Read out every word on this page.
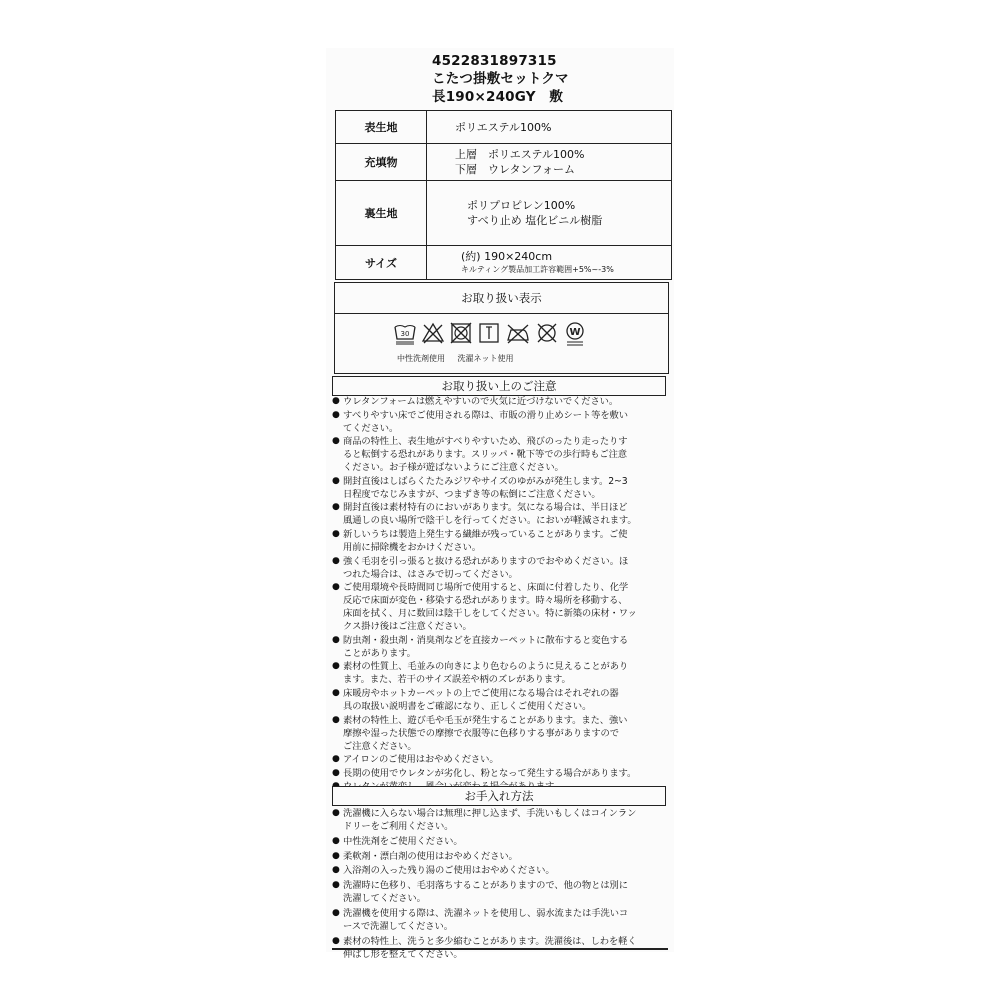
4522831897315
こたつ掛敷セットクマ
長190×240GY　敷
表生地	ポリエステル100%

充填物	上層　ポリエステル100%
下層　ウレタンフォーム

裏生地	ポリプロピレン100%
すべり止め 塩化ビニル樹脂

サイズ	(約) 190×240cm
キルティング製品加工許容範囲+5%~-3%
お取り扱い表示
30	W
中性洗剤使用 洗濯ネット使用
お取り扱い上のご注意
● ウレタンフォームは燃えやすいので火気に近づけないでください。
● すべりやすい床でご使用される際は、市販の滑り止めシート等を敷い
てください。
● 商品の特性上、表生地がすべりやすいため、飛びのったり走ったりす
ると転倒する恐れがあります。スリッパ・靴下等での歩行時もご注意
ください。お子様が遊ばないようにご注意ください。
● 開封直後はしばらくたたみジワやサイズのゆがみが発生します。2~3
日程度でなじみますが、つまずき等の転倒にご注意ください。
● 開封直後は素材特有のにおいがあります。気になる場合は、半日ほど
風通しの良い場所で陰干しを行ってください。においが軽減されます。
● 新しいうちは製造上発生する繊維が残っていることがあります。ご使
用前に掃除機をおかけください。
● 強く毛羽を引っ張ると抜ける恐れがありますのでおやめください。ほ
つれた場合は、はさみで切ってください。
● ご使用環境や長時間同じ場所で使用すると、床面に付着したり、化学
反応で床面が変色・移染する恐れがあります。時々場所を移動する、
床面を拭く、月に数回は陰干しをしてください。特に新築の床材・ワッ
クス掛け後はご注意ください。
● 防虫剤・殺虫剤・消臭剤などを直接カーペットに散布すると変色する
ことがあります。
● 素材の性質上、毛並みの向きにより色むらのように見えることがあり
ます。また、若干のサイズ誤差や柄のズレがあります。
● 床暖房やホットカーペットの上でご使用になる場合はそれぞれの器
具の取扱い説明書をご確認になり、正しくご使用ください。
● 素材の特性上、遊び毛や毛玉が発生することがあります。また、強い
摩擦や湿った状態での摩擦で衣服等に色移りする事がありますので
ご注意ください。
● アイロンのご使用はおやめください。
● 長期の使用でウレタンが劣化し、粉となって発生する場合があります。
お手入れ方法
● 洗濯機に入らない場合は無理に押し込まず、手洗いもしくはコインラン
ドリーをご利用ください。
● 中性洗剤をご使用ください。
● 柔軟剤・漂白剤の使用はおやめください。
● 入浴剤の入った残り湯のご使用はおやめください。
● 洗濯時に色移り、毛羽落ちすることがありますので、他の物とは別に
洗濯してください。
● 洗濯機を使用する際は、洗濯ネットを使用し、弱水流または手洗いコ
ースで洗濯してください。
● 素材の特性上、洗うと多少縮むことがあります。洗濯後は、しわを軽く
伸ばし形を整えてください。
